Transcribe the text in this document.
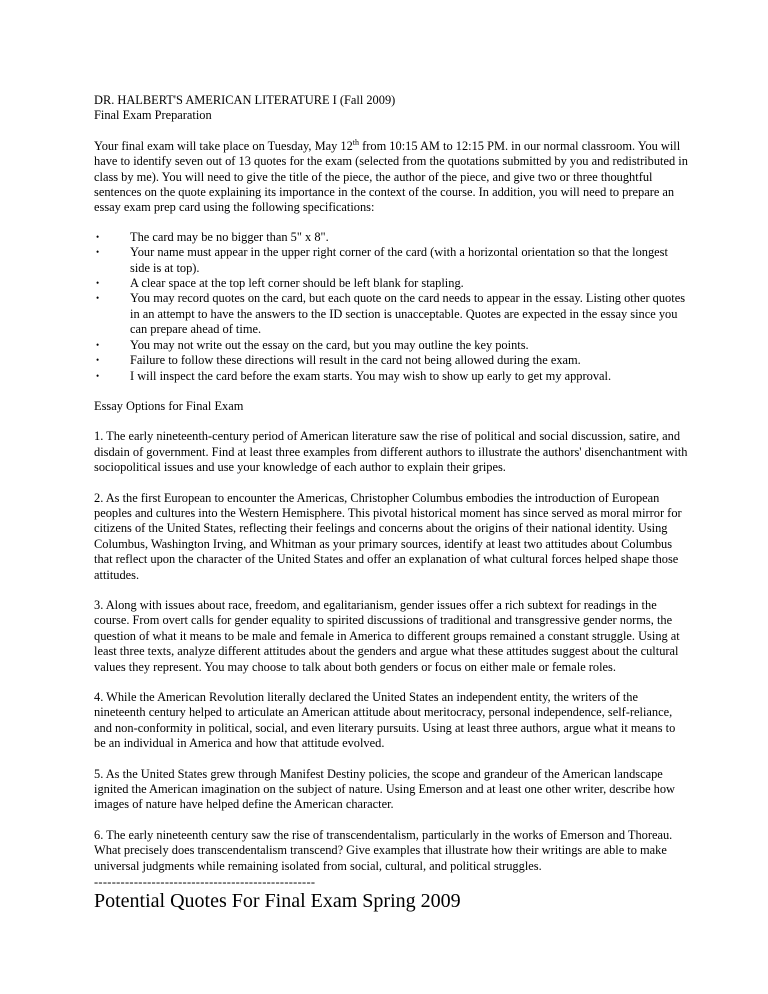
DR. HALBERT'S AMERICAN LITERATURE I (Fall 2009)

Final Exam Preparation

Your final exam will take place on Tuesday, May 12th from 10:15 AM to 12:15 PM. in our normal classroom. You will have to identify seven out of 13 quotes for the exam (selected from the quotations submitted by you and redistributed in class by me). You will need to give the title of the piece, the author of the piece, and give two or three thoughtful sentences on the quote explaining its importance in the context of the course. In addition, you will need to prepare an essay exam prep card using the following specifications:

• The card may be no bigger than 5" x 8".
• Your name must appear in the upper right corner of the card (with a horizontal orientation so that the longest side is at top).
• A clear space at the top left corner should be left blank for stapling.
• You may record quotes on the card, but each quote on the card needs to appear in the essay. Listing other quotes in an attempt to have the answers to the ID section is unacceptable. Quotes are expected in the essay since you can prepare ahead of time.
• You may not write out the essay on the card, but you may outline the key points.
• Failure to follow these directions will result in the card not being allowed during the exam.
• I will inspect the card before the exam starts. You may wish to show up early to get my approval.

Essay Options for Final Exam

1. The early nineteenth-century period of American literature saw the rise of political and social discussion, satire, and disdain of government. Find at least three examples from different authors to illustrate the authors' disenchantment with sociopolitical issues and use your knowledge of each author to explain their gripes.

2. As the first European to encounter the Americas, Christopher Columbus embodies the introduction of European peoples and cultures into the Western Hemisphere. This pivotal historical moment has since served as moral mirror for citizens of the United States, reflecting their feelings and concerns about the origins of their national identity. Using Columbus, Washington Irving, and Whitman as your primary sources, identify at least two attitudes about Columbus that reflect upon the character of the United States and offer an explanation of what cultural forces helped shape those attitudes.

3. Along with issues about race, freedom, and egalitarianism, gender issues offer a rich subtext for readings in the course. From overt calls for gender equality to spirited discussions of traditional and transgressive gender norms, the question of what it means to be male and female in America to different groups remained a constant struggle. Using at least three texts, analyze different attitudes about the genders and argue what these attitudes suggest about the cultural values they represent. You may choose to talk about both genders or focus on either male or female roles.

4. While the American Revolution literally declared the United States an independent entity, the writers of the nineteenth century helped to articulate an American attitude about meritocracy, personal independence, self-reliance, and non-conformity in political, social, and even literary pursuits. Using at least three authors, argue what it means to be an individual in America and how that attitude evolved.

5. As the United States grew through Manifest Destiny policies, the scope and grandeur of the American landscape ignited the American imagination on the subject of nature. Using Emerson and at least one other writer, describe how images of nature have helped define the American character.

6. The early nineteenth century saw the rise of transcendentalism, particularly in the works of Emerson and Thoreau. What precisely does transcendentalism transcend? Give examples that illustrate how their writings are able to make universal judgments while remaining isolated from social, cultural, and political struggles.

--------------------------------------------------

Potential Quotes For Final Exam Spring 2009
